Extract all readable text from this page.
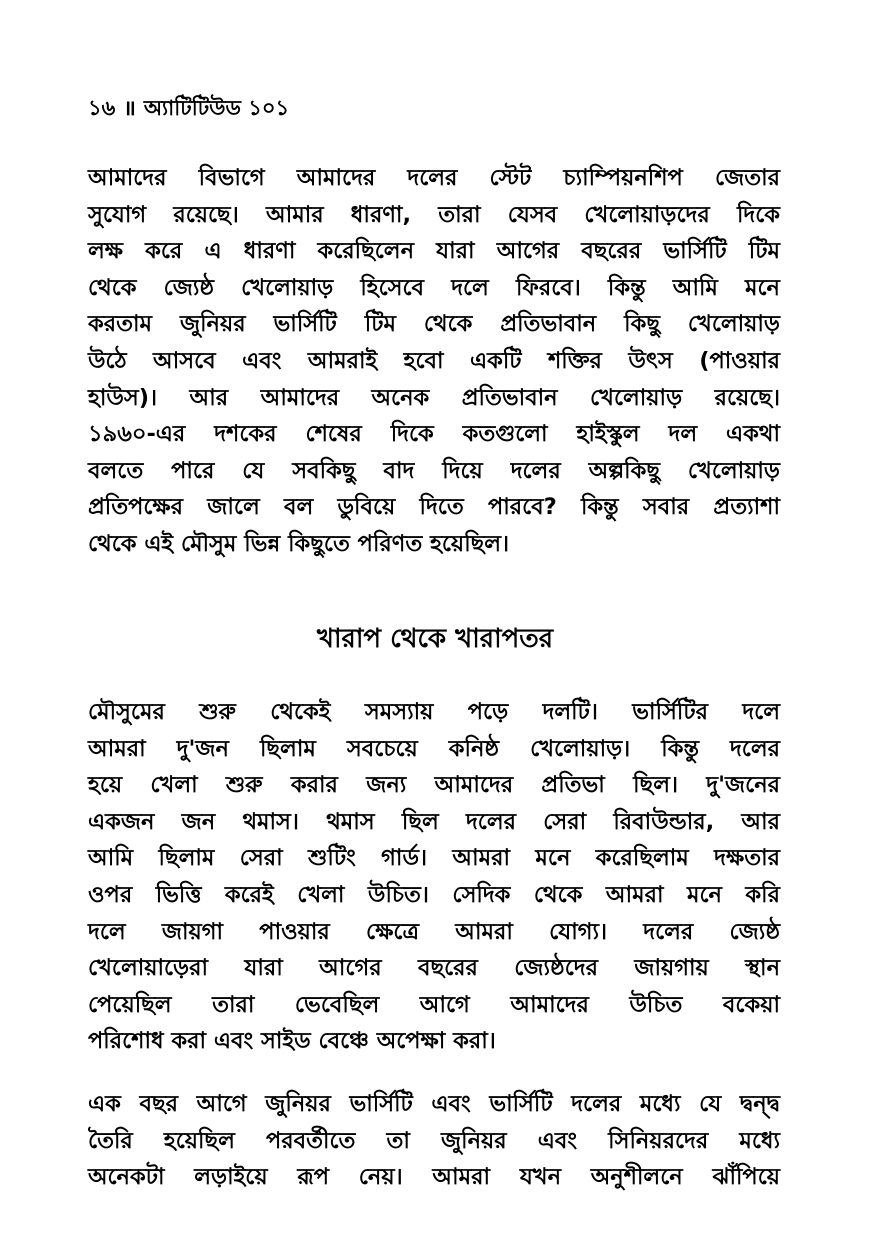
১৬ ॥ অ্যাটিটিউড ১০১

আমাদের বিভাগে আমাদের দলের স্টেট চ্যাম্পিয়নশিপ জেতার
সুযোগ রয়েছে। আমার ধারণা, তারা যেসব খেলোয়াড়দের দিকে
লক্ষ করে এ ধারণা করেছিলেন যারা আগের বছরের ভার্সিটি টিম
থেকে জ্যেষ্ঠ খেলোয়াড় হিসেবে দলে ফিরবে। কিন্তু আমি মনে
করতাম জুনিয়র ভার্সিটি টিম থেকে প্রতিভাবান কিছু খেলোয়াড়
উঠে আসবে এবং আমরাই হবো একটি শক্তির উৎস (পাওয়ার
হাউস)। আর আমাদের অনেক প্রতিভাবান খেলোয়াড় রয়েছে।
১৯৬০-এর দশকের শেষের দিকে কতগুলো হাইস্কুল দল একথা
বলতে পারে যে সবকিছু বাদ দিয়ে দলের অল্পকিছু খেলোয়াড়
প্রতিপক্ষের জালে বল ডুবিয়ে দিতে পারবে? কিন্তু সবার প্রত্যাশা
থেকে এই মৌসুম ভিন্ন কিছুতে পরিণত হয়েছিল।

খারাপ থেকে খারাপতর

মৌসুমের শুরু থেকেই সমস্যায় পড়ে দলটি। ভার্সিটির দলে
আমরা দু'জন ছিলাম সবচেয়ে কনিষ্ঠ খেলোয়াড়। কিন্তু দলের
হয়ে খেলা শুরু করার জন্য আমাদের প্রতিভা ছিল। দু'জনের
একজন জন থমাস। থমাস ছিল দলের সেরা রিবাউন্ডার, আর
আমি ছিলাম সেরা শুটিং গার্ড। আমরা মনে করেছিলাম দক্ষতার
ওপর ভিত্তি করেই খেলা উচিত। সেদিক থেকে আমরা মনে করি
দলে জায়গা পাওয়ার ক্ষেত্রে আমরা যোগ্য। দলের জ্যেষ্ঠ
খেলোয়াড়েরা যারা আগের বছরের জ্যেষ্ঠদের জায়গায় স্থান
পেয়েছিল তারা ভেবেছিল আগে আমাদের উচিত বকেয়া
পরিশোধ করা এবং সাইড বেঞ্চে অপেক্ষা করা।

এক বছর আগে জুনিয়র ভার্সিটি এবং ভার্সিটি দলের মধ্যে যে দ্বন্দ্ব
তৈরি হয়েছিল পরবর্তীতে তা জুনিয়র এবং সিনিয়রদের মধ্যে
অনেকটা লড়াইয়ে রূপ নেয়। আমরা যখন অনুশীলনে ঝাঁপিয়ে
